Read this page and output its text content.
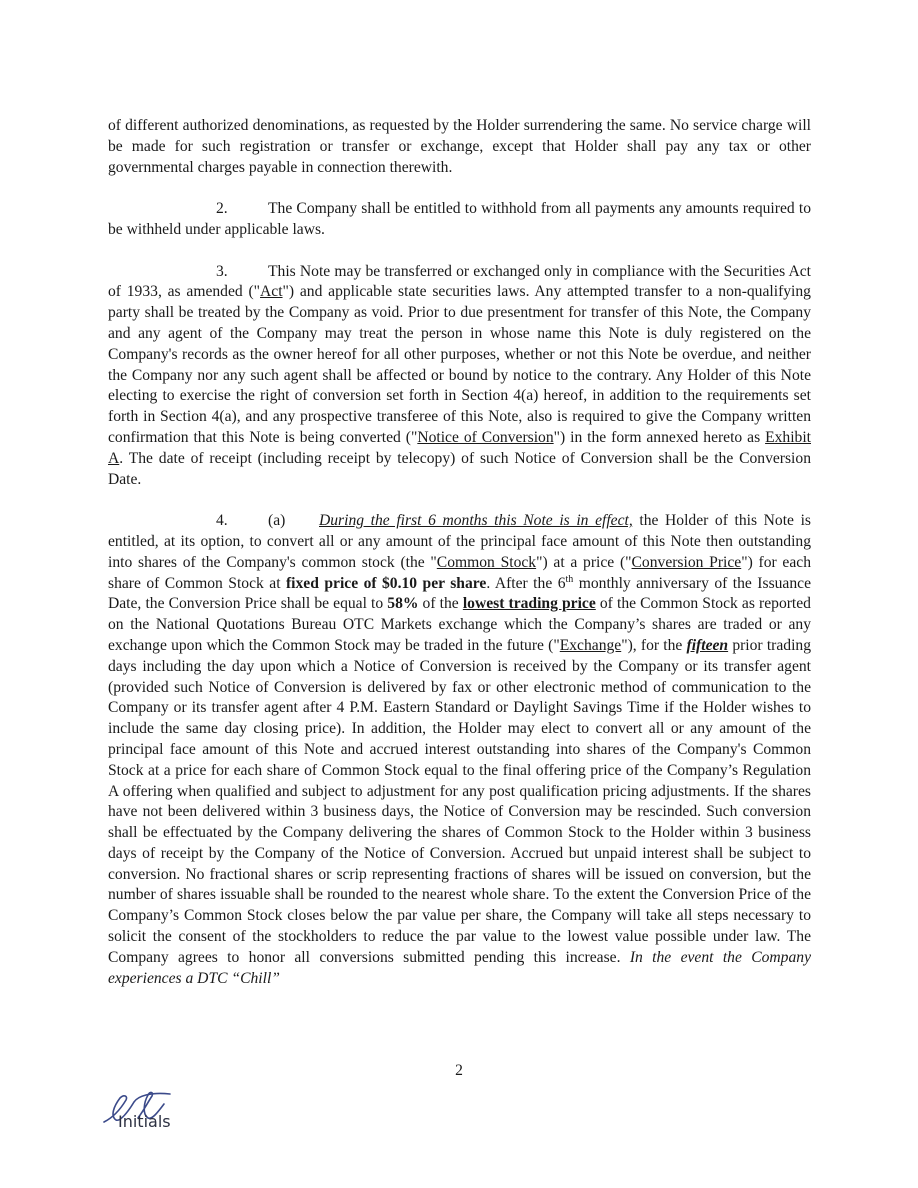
of different authorized denominations, as requested by the Holder surrendering the same. No service charge will be made for such registration or transfer or exchange, except that Holder shall pay any tax or other governmental charges payable in connection therewith.

2.	The Company shall be entitled to withhold from all payments any amounts required to be withheld under applicable laws.

3.	This Note may be transferred or exchanged only in compliance with the Securities Act of 1933, as amended ("Act") and applicable state securities laws. Any attempted transfer to a non-qualifying party shall be treated by the Company as void. Prior to due presentment for transfer of this Note, the Company and any agent of the Company may treat the person in whose name this Note is duly registered on the Company's records as the owner hereof for all other purposes, whether or not this Note be overdue, and neither the Company nor any such agent shall be affected or bound by notice to the contrary. Any Holder of this Note electing to exercise the right of conversion set forth in Section 4(a) hereof, in addition to the requirements set forth in Section 4(a), and any prospective transferee of this Note, also is required to give the Company written confirmation that this Note is being converted ("Notice of Conversion") in the form annexed hereto as Exhibit A. The date of receipt (including receipt by telecopy) of such Notice of Conversion shall be the Conversion Date.

4.	(a) During the first 6 months this Note is in effect, the Holder of this Note is entitled, at its option, to convert all or any amount of the principal face amount of this Note then outstanding into shares of the Company's common stock (the "Common Stock") at a price ("Conversion Price") for each share of Common Stock at fixed price of $0.10 per share. After the 6th monthly anniversary of the Issuance Date, the Conversion Price shall be equal to 58% of the lowest trading price of the Common Stock as reported on the National Quotations Bureau OTC Markets exchange which the Company’s shares are traded or any exchange upon which the Common Stock may be traded in the future ("Exchange"), for the fifteen prior trading days including the day upon which a Notice of Conversion is received by the Company or its transfer agent (provided such Notice of Conversion is delivered by fax or other electronic method of communication to the Company or its transfer agent after 4 P.M. Eastern Standard or Daylight Savings Time if the Holder wishes to include the same day closing price). In addition, the Holder may elect to convert all or any amount of the principal face amount of this Note and accrued interest outstanding into shares of the Company's Common Stock at a price for each share of Common Stock equal to the final offering price of the Company’s Regulation A offering when qualified and subject to adjustment for any post qualification pricing adjustments. If the shares have not been delivered within 3 business days, the Notice of Conversion may be rescinded. Such conversion shall be effectuated by the Company delivering the shares of Common Stock to the Holder within 3 business days of receipt by the Company of the Notice of Conversion. Accrued but unpaid interest shall be subject to conversion. No fractional shares or scrip representing fractions of shares will be issued on conversion, but the number of shares issuable shall be rounded to the nearest whole share. To the extent the Conversion Price of the Company’s Common Stock closes below the par value per share, the Company will take all steps necessary to solicit the consent of the stockholders to reduce the par value to the lowest value possible under law. The Company agrees to honor all conversions submitted pending this increase. In the event the Company experiences a DTC “Chill”

2
Initials
